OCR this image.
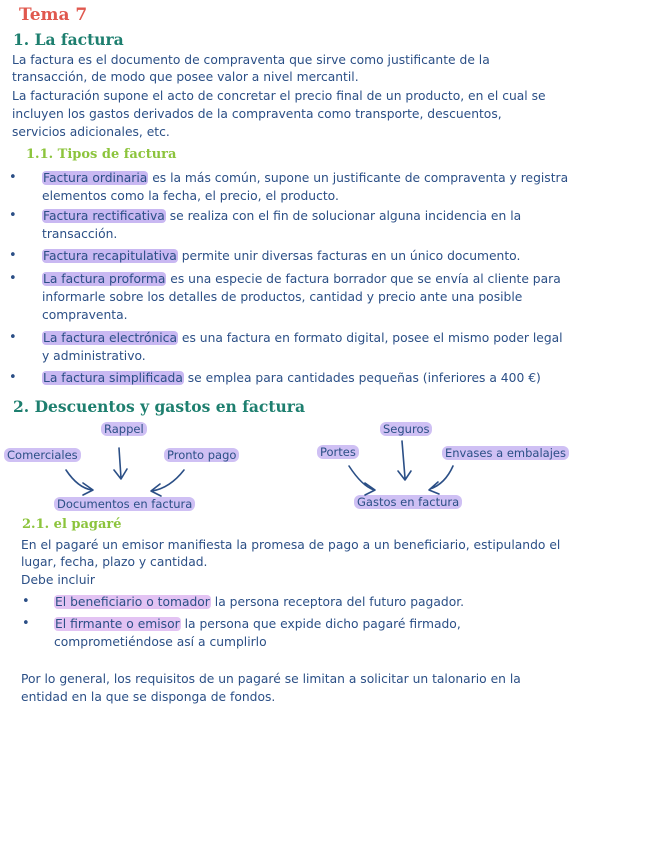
Tema 7
1. La factura
La factura es el documento de compraventa que sirve como justificante de la
transacción, de modo que posee valor a nivel mercantil.
La facturación supone el acto de concretar el precio final de un producto, en el cual se
incluyen los gastos derivados de la compraventa como transporte, descuentos,
servicios adicionales, etc.
1.1. Tipos de factura
• Factura ordinaria es la más común, supone un justificante de compraventa y registra
elementos como la fecha, el precio, el producto.
• Factura rectificativa se realiza con el fin de solucionar alguna incidencia en la
transacción.
• Factura recapitulativa permite unir diversas facturas en un único documento.
• La factura proforma es una especie de factura borrador que se envía al cliente para
informarle sobre los detalles de productos, cantidad y precio ante una posible
compraventa.
• La factura electrónica es una factura en formato digital, posee el mismo poder legal
y administrativo.
• La factura simplificada se emplea para cantidades pequeñas (inferiores a 400 €)
2. Descuentos y gastos en factura
Rappel
Comerciales	Pronto pago
Documentos en factura
Seguros
Portes	Envases a embalajes
Gastos en factura
2.1. el pagaré
En el pagaré un emisor manifiesta la promesa de pago a un beneficiario, estipulando el
lugar, fecha, plazo y cantidad.
Debe incluir
• El beneficiario o tomador la persona receptora del futuro pagador.
• El firmante o emisor la persona que expide dicho pagaré firmado,
comprometiéndose así a cumplirlo
Por lo general, los requisitos de un pagaré se limitan a solicitar un talonario en la
entidad en la que se disponga de fondos.
